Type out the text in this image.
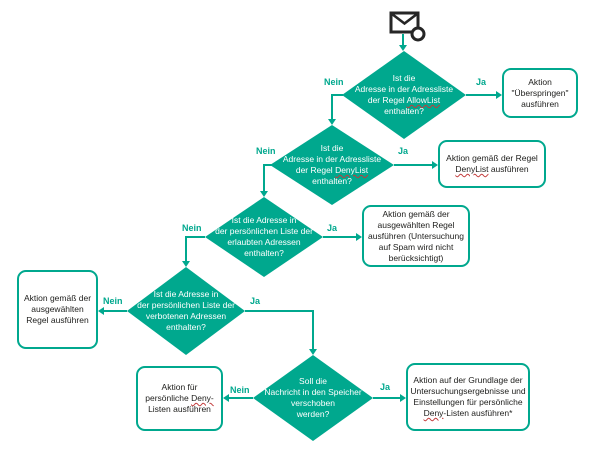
Ist die
Adresse in der Adressliste
der Regel AllowList
enthalten?
Ja
Nein	Aktion
"Überspringen"
ausführen
Ist die
Adresse in der Adressliste
der Regel DenyList
enthalten?
Ja
Nein
Aktion gemäß der Regel
DenyList ausführen
Ist die Adresse in
der persönlichen Liste der
erlaubten Adressen
enthalten?
Ja
Nein
Aktion gemäß der
ausgewählten Regel
ausführen (Untersuchung
auf Spam wird nicht
berücksichtigt)
Ist die Adresse in
der persönlichen Liste der
verbotenen Adressen
enthalten?
Nein	Ja
Aktion gemäß der
ausgewählten
Regel ausführen
Soll die
Nachricht in den Speicher
verschoben
werden?
Nein	Ja
Aktion für
persönliche Deny-
Listen ausführen
Aktion auf der Grundlage der
Untersuchungsergebnisse und
Einstellungen für persönliche
Deny-Listen ausführen*
